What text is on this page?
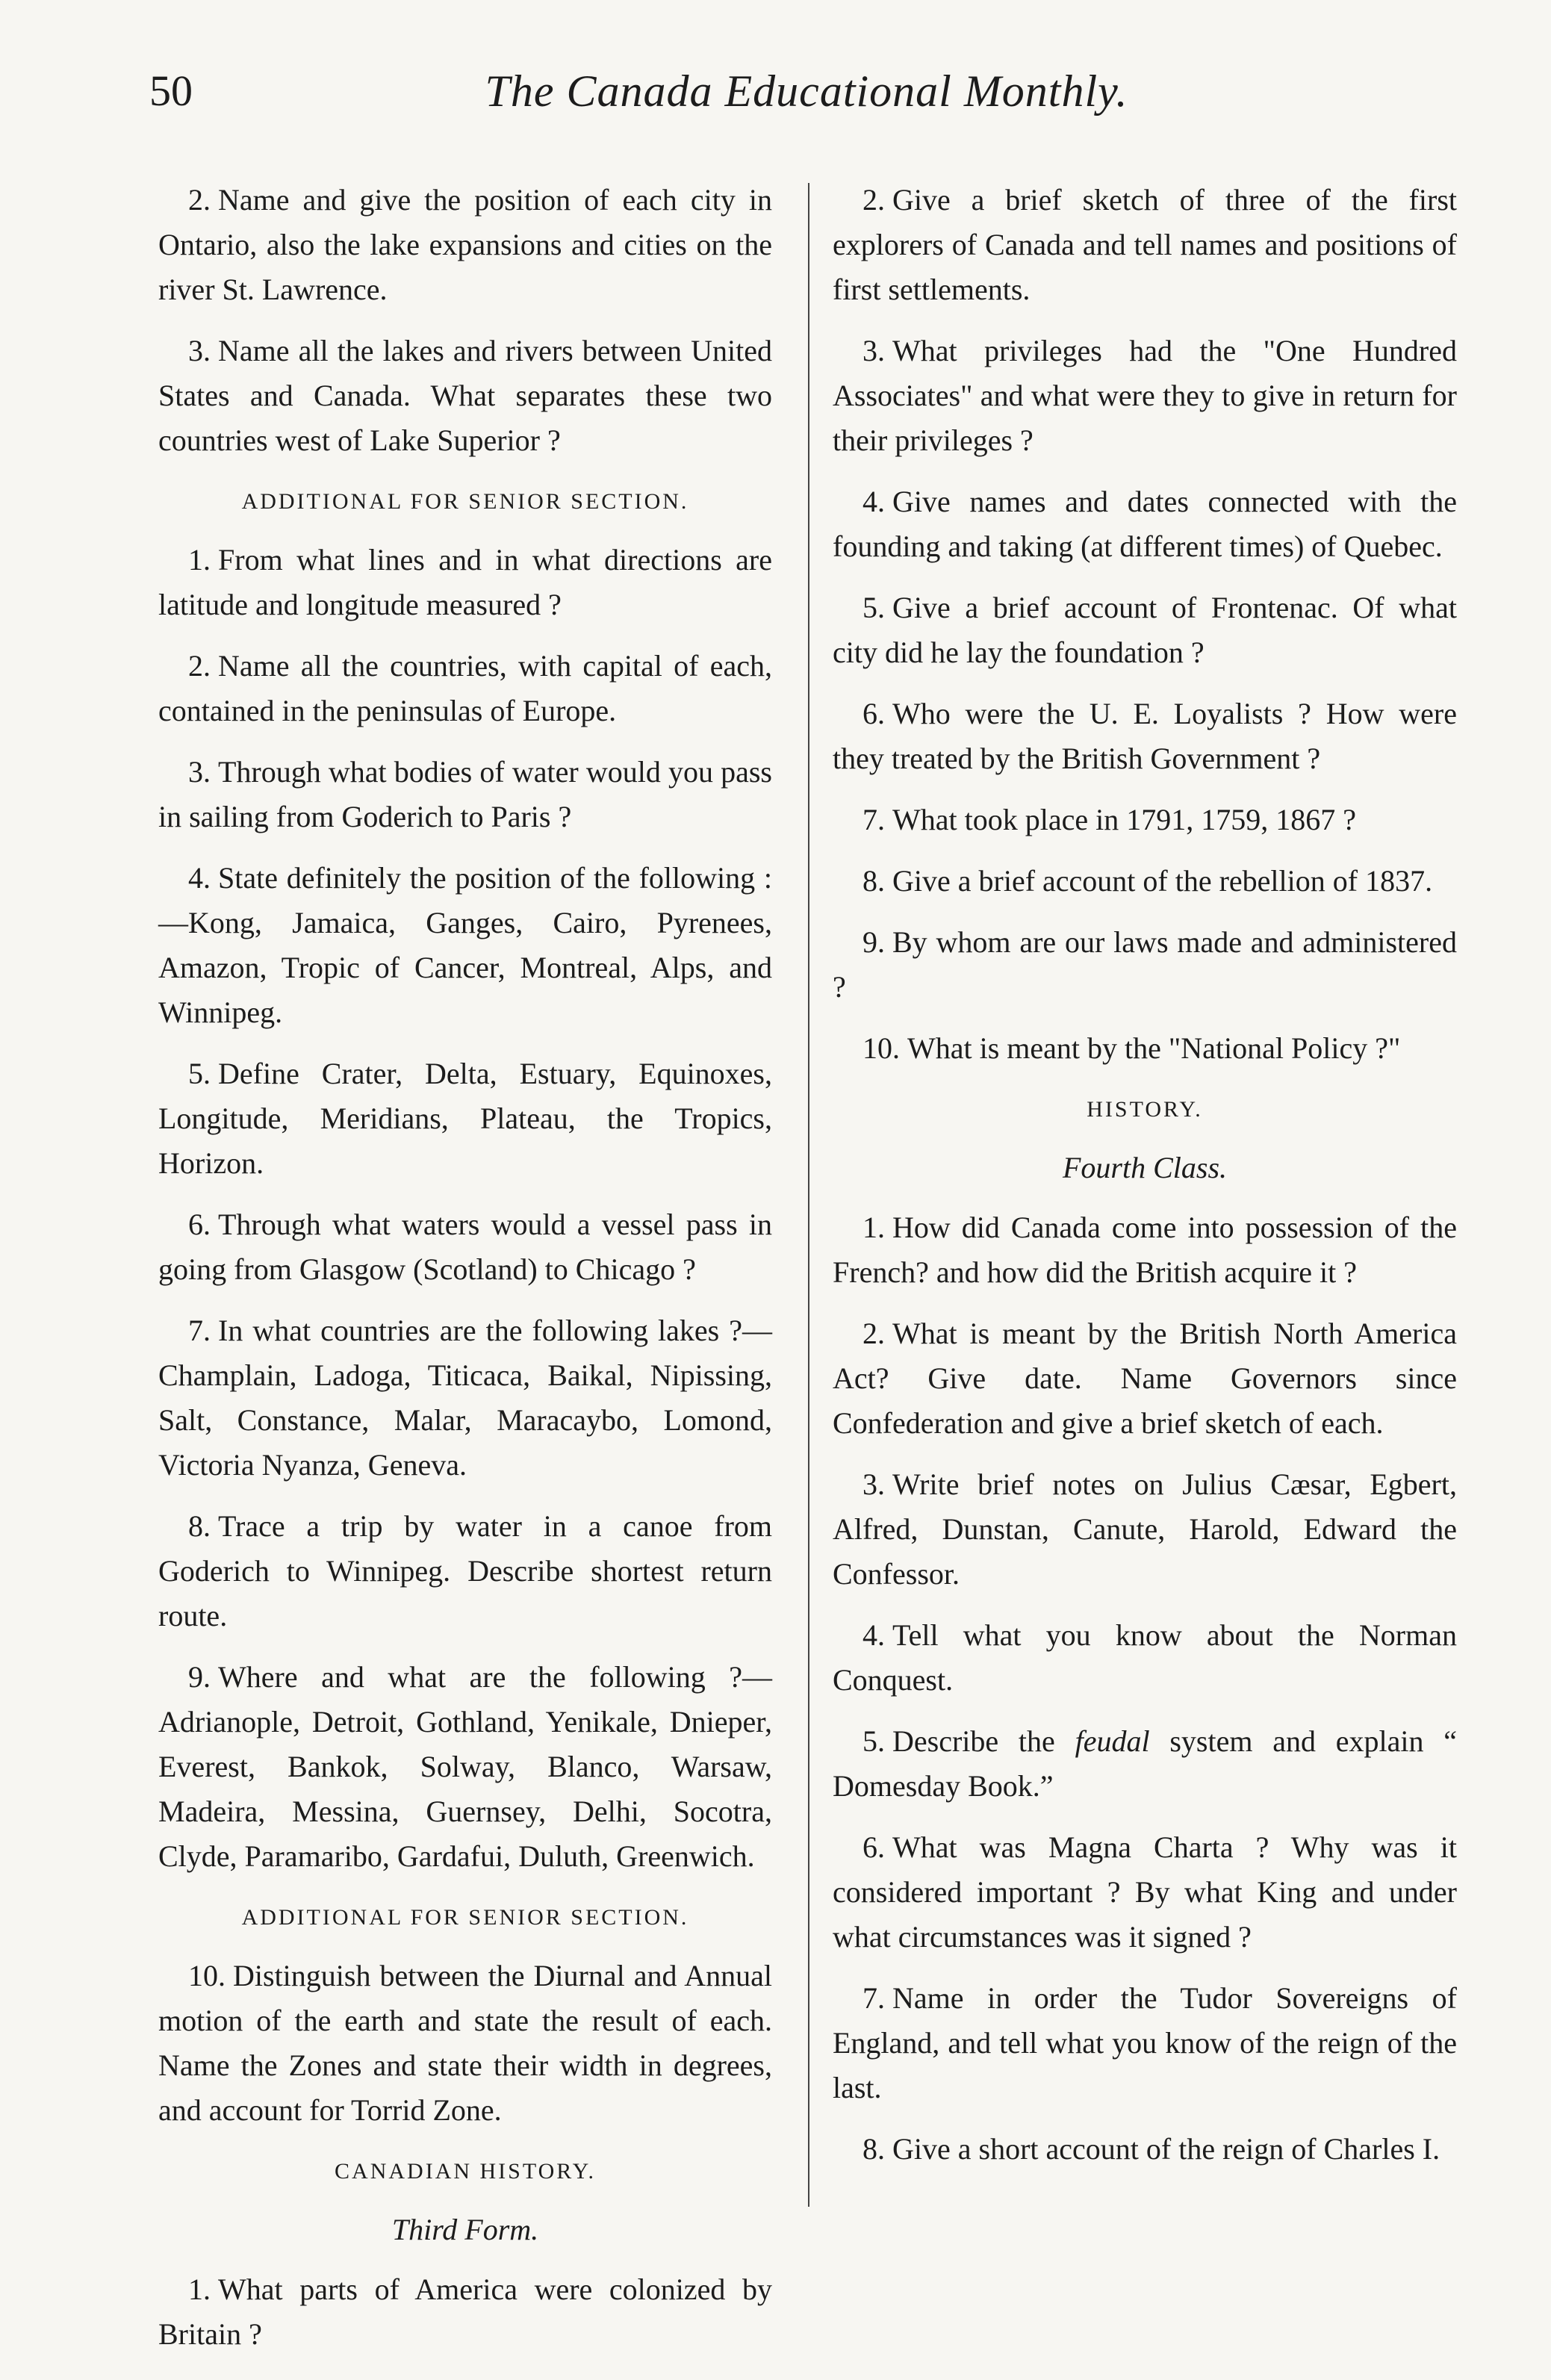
50	The Canada Educational Monthly.

2. Name and give the position of each city in Ontario, also the lake expansions and cities on the river St. Lawrence.

3. Name all the lakes and rivers between United States and Canada. What separates these two countries west of Lake Superior ?

ADDITIONAL FOR SENIOR SECTION.

1. From what lines and in what directions are latitude and longitude measured ?

2. Name all the countries, with capital of each, contained in the peninsulas of Europe.

3. Through what bodies of water would you pass in sailing from Goderich to Paris ?

4. State definitely the position of the following :—Kong, Jamaica, Ganges, Cairo, Pyrenees, Amazon, Tropic of Cancer, Montreal, Alps, and Winnipeg.

5. Define Crater, Delta, Estuary, Equinoxes, Longitude, Meridians, Plateau, the Tropics, Horizon.

6. Through what waters would a vessel pass in going from Glasgow (Scotland) to Chicago ?

7. In what countries are the following lakes ?—Champlain, Ladoga, Titicaca, Baikal, Nipissing, Salt, Constance, Malar, Maracaybo, Lomond, Victoria Nyanza, Geneva.

8. Trace a trip by water in a canoe from Goderich to Winnipeg. Describe shortest return route.

9. Where and what are the following ?—Adrianople, Detroit, Gothland, Yenikale, Dnieper, Everest, Bankok, Solway, Blanco, Warsaw, Madeira, Messina, Guernsey, Delhi, Socotra, Clyde, Paramaribo, Gardafui, Duluth, Greenwich.

ADDITIONAL FOR SENIOR SECTION.

10. Distinguish between the Diurnal and Annual motion of the earth and state the result of each. Name the Zones and state their width in degrees, and account for Torrid Zone.

CANADIAN HISTORY.
Third Form.

1. What parts of America were colonized by Britain ?

2. Give a brief sketch of three of the first explorers of Canada and tell names and positions of first settlements.

3. What privileges had the "One Hundred Associates" and what were they to give in return for their privileges ?

4. Give names and dates connected with the founding and taking (at different times) of Quebec.

5. Give a brief account of Frontenac. Of what city did he lay the foundation ?

6. Who were the U. E. Loyalists ? How were they treated by the British Government ?

7. What took place in 1791, 1759, 1867 ?

8. Give a brief account of the rebellion of 1837.

9. By whom are our laws made and administered ?

10. What is meant by the "National Policy ?"

HISTORY.
Fourth Class.

1. How did Canada come into possession of the French? and how did the British acquire it ?

2. What is meant by the British North America Act? Give date. Name Governors since Confederation and give a brief sketch of each.

3. Write brief notes on Julius Cæsar, Egbert, Alfred, Dunstan, Canute, Harold, Edward the Confessor.

4. Tell what you know about the Norman Conquest.

5. Describe the feudal system and explain “ Domesday Book.”

6. What was Magna Charta ? Why was it considered important ? By what King and under what circumstances was it signed ?

7. Name in order the Tudor Sovereigns of England, and tell what you know of the reign of the last.

8. Give a short account of the reign of Charles I.
